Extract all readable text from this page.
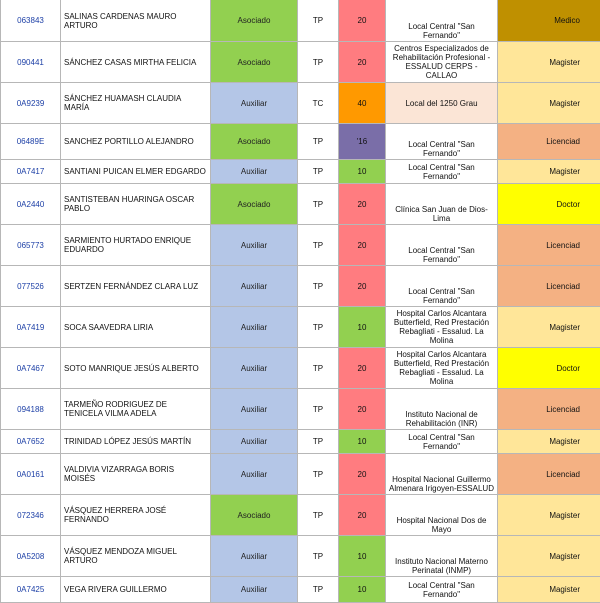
063843	SALINAS CARDENAS MAURO ARTURO	Asociado	TP	20	Local Central "San Fernando"	Medico	
090441	SÁNCHEZ CASAS MIRTHA FELICIA	Asociado	TP	20	Centros Especializados de Rehabilitación Profesional - ESSALUD CERPS - CALLAO	Magister	
0A9239	SÁNCHEZ HUAMASH CLAUDIA MARÍA	Auxiliar	TC	40	Local del 1250 Grau	Magister	
06489E	SANCHEZ PORTILLO ALEJANDRO	Asociado	TP	'16	Local Central "San Fernando"	Licenciad	
0A7417	SANTIANI PUICAN ELMER EDGARDO	Auxiliar	TP	10	Local Central "San Fernando"	Magister	
0A2440	SANTISTEBAN HUARINGA OSCAR PABLO	Asociado	TP	20	Clínica San Juan de Dios-Lima	Doctor	
065773	SARMIENTO HURTADO ENRIQUE EDUARDO	Auxiliar	TP	20	Local Central "San Fernando"	Licenciad	
077526	SERTZEN FERNÁNDEZ CLARA LUZ	Auxiliar	TP	20	Local Central "San Fernando"	Licenciad	
0A7419	SOCA SAAVEDRA LIRIA	Auxiliar	TP	10	Hospital Carlos Alcantara Butterfield, Red Prestación Rebagliati - Essalud. La Molina	Magister	
0A7467	SOTO MANRIQUE JESÚS ALBERTO	Auxiliar	TP	20	Hospital Carlos Alcantara Butterfield, Red Prestación Rebagliati - Essalud. La Molina	Doctor	
094188	TARMEÑO RODRIGUEZ DE TENICELA VILMA ADELA	Auxiliar	TP	20	Instituto Nacional de Rehabilitación (INR)	Licenciad	
0A7652	TRINIDAD LÓPEZ JESÚS MARTÍN	Auxiliar	TP	10	Local Central "San Fernando"	Magister	
0A0161	VALDIVIA VIZARRAGA BORIS MOISÉS	Auxiliar	TP	20	Hospital Nacional Guillermo Almenara Irigoyen-ESSALUD	Licenciad	
072346	VÁSQUEZ HERRERA JOSÉ FERNANDO	Asociado	TP	20	Hospital Nacional Dos de Mayo	Magister	
0A5208	VÁSQUEZ MENDOZA MIGUEL ARTURO	Auxiliar	TP	10	Instituto Nacional Materno Perinatal (INMP)	Magister	
0A7425	VEGA RIVERA GUILLERMO	Auxiliar	TP	10	Local Central "San Fernando"	Magister	
